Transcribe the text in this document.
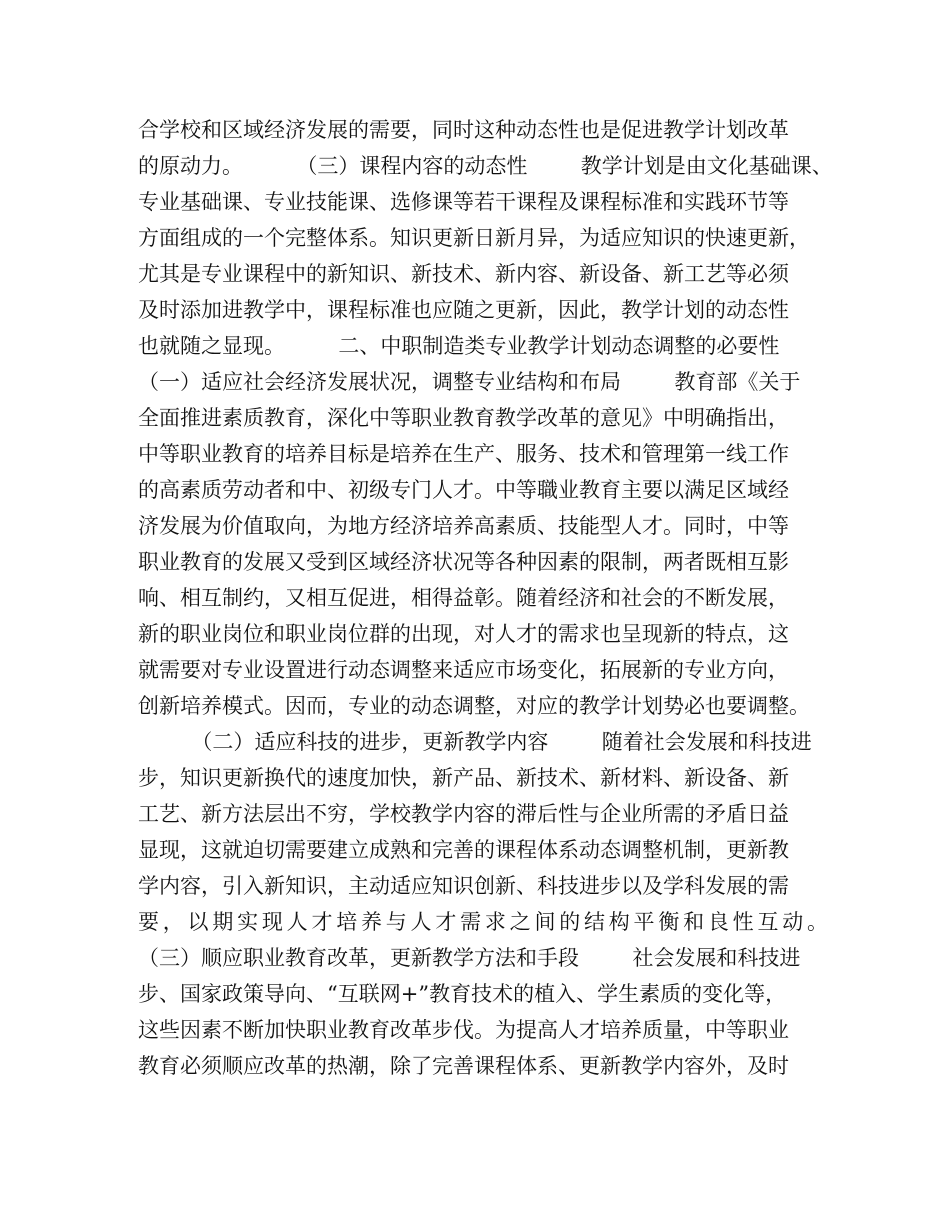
合学校和区域经济发展的需要，同时这种动态性也是促进教学计划改革
的原动力。        （三）课程内容的动态性        教学计划是由文化基础课、
专业基础课、专业技能课、选修课等若干课程及课程标准和实践环节等
方面组成的一个完整体系。知识更新日新月异，为适应知识的快速更新，
尤其是专业课程中的新知识、新技术、新内容、新设备、新工艺等必须
及时添加进教学中，课程标准也应随之更新，因此，教学计划的动态性
也就随之显现。        二、中职制造类专业教学计划动态调整的必要性
（一）适应社会经济发展状况，调整专业结构和布局        教育部《关于
全面推进素质教育，深化中等职业教育教学改革的意见》中明确指出，
中等职业教育的培养目标是培养在生产、服务、技术和管理第一线工作
的高素质劳动者和中、初级专门人才。中等職业教育主要以满足区域经
济发展为价值取向，为地方经济培养高素质、技能型人才。同时，中等
职业教育的发展又受到区域经济状况等各种因素的限制，两者既相互影
响、相互制约，又相互促进，相得益彰。随着经济和社会的不断发展，
新的职业岗位和职业岗位群的出现，对人才的需求也呈现新的特点，这
就需要对专业设置进行动态调整来适应市场变化，拓展新的专业方向，
创新培养模式。因而，专业的动态调整，对应的教学计划势必也要调整。
（二）适应科技的进步，更新教学内容        随着社会发展和科技进
步，知识更新换代的速度加快，新产品、新技术、新材料、新设备、新
工艺、新方法层出不穷，学校教学内容的滞后性与企业所需的矛盾日益
显现，这就迫切需要建立成熟和完善的课程体系动态调整机制，更新教
学内容，引入新知识，主动适应知识创新、科技进步以及学科发展的需
要，以期实现人才培养与人才需求之间的结构平衡和良性互动。
（三）顺应职业教育改革，更新教学方法和手段        社会发展和科技进
步、国家政策导向、“互联网+”教育技术的植入、学生素质的变化等，
这些因素不断加快职业教育改革步伐。为提高人才培养质量，中等职业
教育必须顺应改革的热潮，除了完善课程体系、更新教学内容外，及时
